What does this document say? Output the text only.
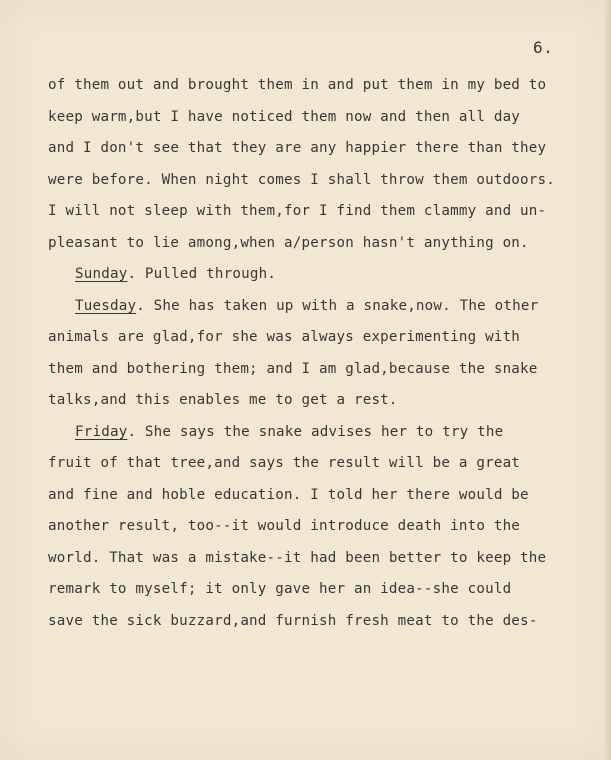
6.
of them out and brought them in and put them in my bed to
keep warm,but I have noticed them now and then all day
and I don't see that they are any happier there than they
were before. When night comes I shall throw them outdoors.
I will not sleep with them,for I find them clammy and un-
pleasant to lie among,when a/person hasn't anything on.
Sunday. Pulled through.
Tuesday. She has taken up with a snake,now. The other
animals are glad,for she was always experimenting with
them and bothering them; and I am glad,because the snake
talks,and this enables me to get a rest.
Friday. She says the snake advises her to try the
fruit of that tree,and says the result will be a great
and fine and hoble education. I told her there would be
another result, too--it would introduce death into the
world. That was a mistake--it had been better to keep the
remark to myself; it only gave her an idea--she could
save the sick buzzard,and furnish fresh meat to the des-
